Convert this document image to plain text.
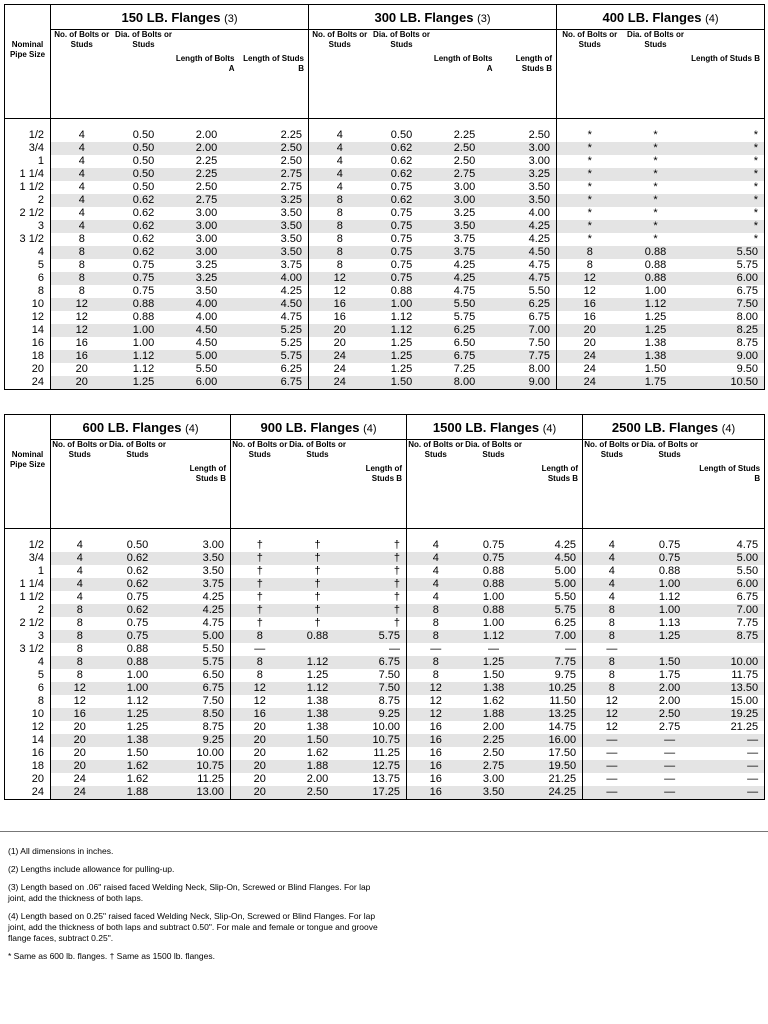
	150 LB. Flanges (3)				300 LB. Flanges (3)				400 LB. Flanges (4)		
Nominal Pipe Size	No. of Bolts or Studs	Dia. of Bolts or Studs	Length of Bolts A	Length of Studs B	No. of Bolts or Studs	Dia. of Bolts or Studs	Length of Bolts A	Length of Studs B	No. of Bolts or Studs	Dia. of Bolts or Studs	Length of Studs B

1/2	4	0.50	2.00	2.25	4	0.50	2.25	2.50	*	*	*
3/4	4	0.50	2.00	2.50	4	0.62	2.50	3.00	*	*	*
1	4	0.50	2.25	2.50	4	0.62	2.50	3.00	*	*	*
1 1/4	4	0.50	2.25	2.75	4	0.62	2.75	3.25	*	*	*
1 1/2	4	0.50	2.50	2.75	4	0.75	3.00	3.50	*	*	*
2	4	0.62	2.75	3.25	8	0.62	3.00	3.50	*	*	*
2 1/2	4	0.62	3.00	3.50	8	0.75	3.25	4.00	*	*	*
3	4	0.62	3.00	3.50	8	0.75	3.50	4.25	*	*	*
3 1/2	8	0.62	3.00	3.50	8	0.75	3.75	4.25	*	*	*
4	8	0.62	3.00	3.50	8	0.75	3.75	4.50	8	0.88	5.50
5	8	0.75	3.25	3.75	8	0.75	4.25	4.75	8	0.88	5.75
6	8	0.75	3.25	4.00	12	0.75	4.25	4.75	12	0.88	6.00
8	8	0.75	3.50	4.25	12	0.88	4.75	5.50	12	1.00	6.75
10	12	0.88	4.00	4.50	16	1.00	5.50	6.25	16	1.12	7.50
12	12	0.88	4.00	4.75	16	1.12	5.75	6.75	16	1.25	8.00
14	12	1.00	4.50	5.25	20	1.12	6.25	7.00	20	1.25	8.25
16	16	1.00	4.50	5.25	20	1.25	6.50	7.50	20	1.38	8.75
18	16	1.12	5.00	5.75	24	1.25	6.75	7.75	24	1.38	9.00
20	20	1.12	5.50	6.25	24	1.25	7.25	8.00	24	1.50	9.50
24	20	1.25	6.00	6.75	24	1.50	8.00	9.00	24	1.75	10.50
	600 LB. Flanges (4)			900 LB. Flanges (4)			1500 LB. Flanges (4)			2500 LB. Flanges (4)		
Nominal Pipe Size	No. of Bolts or Studs	Dia. of Bolts or Studs	Length of Studs B	No. of Bolts or Studs	Dia. of Bolts or Studs	Length of Studs B	No. of Bolts or Studs	Dia. of Bolts or Studs	Length of Studs B	No. of Bolts or Studs	Dia. of Bolts or Studs	Length of Studs B

1/2	4	0.50	3.00	†	†	†	4	0.75	4.25	4	0.75	4.75
3/4	4	0.62	3.50	†	†	†	4	0.75	4.50	4	0.75	5.00
1	4	0.62	3.50	†	†	†	4	0.88	5.00	4	0.88	5.50
1 1/4	4	0.62	3.75	†	†	†	4	0.88	5.00	4	1.00	6.00
1 1/2	4	0.75	4.25	†	†	†	4	1.00	5.50	4	1.12	6.75
2	8	0.62	4.25	†	†	†	8	0.88	5.75	8	1.00	7.00
2 1/2	8	0.75	4.75	†	†	†	8	1.00	6.25	8	1.13	7.75
3	8	0.75	5.00	8	0.88	5.75	8	1.12	7.00	8	1.25	8.75
3 1/2	8	0.88	5.50	—		—	—	—	—	—		
4	8	0.88	5.75	8	1.12	6.75	8	1.25	7.75	8	1.50	10.00
5	8	1.00	6.50	8	1.25	7.50	8	1.50	9.75	8	1.75	11.75
6	12	1.00	6.75	12	1.12	7.50	12	1.38	10.25	8	2.00	13.50
8	12	1.12	7.50	12	1.38	8.75	12	1.62	11.50	12	2.00	15.00
10	16	1.25	8.50	16	1.38	9.25	12	1.88	13.25	12	2.50	19.25
12	20	1.25	8.75	20	1.38	10.00	16	2.00	14.75	12	2.75	21.25
14	20	1.38	9.25	20	1.50	10.75	16	2.25	16.00	—	—	—
16	20	1.50	10.00	20	1.62	11.25	16	2.50	17.50	—	—	—
18	20	1.62	10.75	20	1.88	12.75	16	2.75	19.50	—	—	—
20	24	1.62	11.25	20	2.00	13.75	16	3.00	21.25	—	—	—
24	24	1.88	13.00	20	2.50	17.25	16	3.50	24.25	—	—	—

(1) All dimensions in inches.

(2) Lengths include allowance for pulling-up.

(3) Length based on .06" raised faced Welding Neck, Slip-On, Screwed or Blind Flanges. For lap joint, add the thickness of both laps.

(4) Length based on 0.25" raised faced Welding Neck, Slip-On, Screwed or Blind Flanges. For lap joint, add the thickness of both laps and subtract 0.50". For male and female or tongue and groove flange faces, subtract 0.25".

* Same as 600 lb. flanges. † Same as 1500 lb. flanges.
